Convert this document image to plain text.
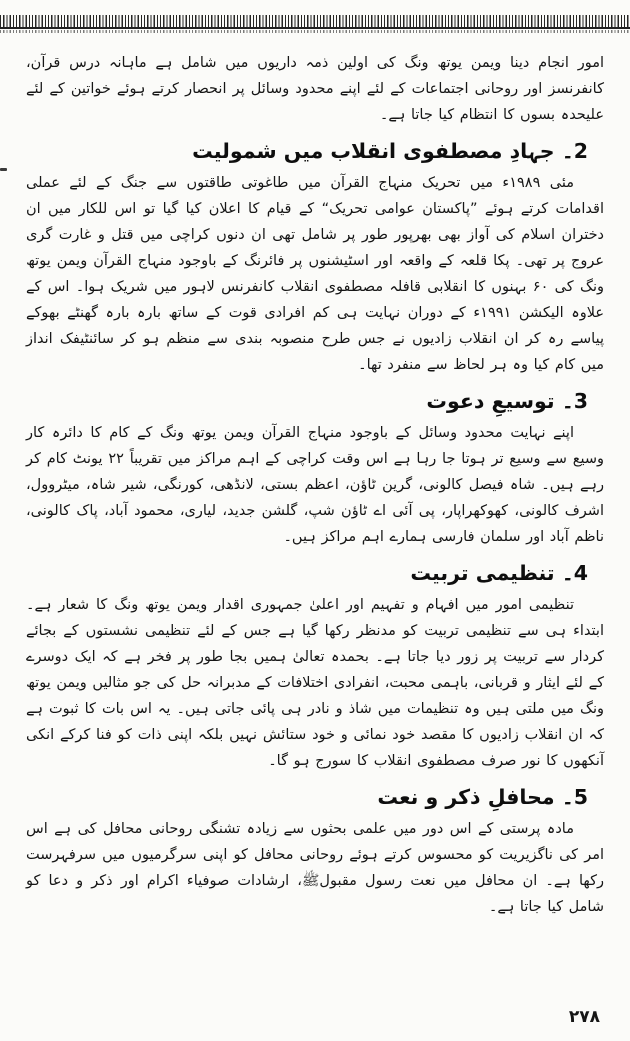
امور انجام دینا ویمن یوتھ ونگ کی اولین ذمہ داریوں میں شامل ہے ماہانہ درس قرآن، کانفرنسز اور روحانی اجتماعات کے لئے اپنے محدود وسائل پر انحصار کرتے ہوئے خواتین کے لئے علیحدہ بسوں کا انتظام کیا جاتا ہے۔

2۔ جہادِ مصطفوی انقلاب میں شمولیت

مئی ۱۹۸۹ء میں تحریک منہاج القرآن میں طاغوتی طاقتوں سے جنگ کے لئے عملی اقدامات کرتے ہوئے ”پاکستان عوامی تحریک“ کے قیام کا اعلان کیا گیا تو اس للکار میں ان دختران اسلام کی آواز بھی بھرپور طور پر شامل تھی ان دنوں کراچی میں قتل و غارت گری عروج پر تھی۔ پکا قلعہ کے واقعہ اور اسٹیشنوں پر فائرنگ کے باوجود منہاج القرآن ویمن یوتھ ونگ کی ۶۰ بہنوں کا انقلابی قافلہ مصطفوی انقلاب کانفرنس لاہور میں شریک ہوا۔ اس کے علاوہ الیکشن ۱۹۹۱ء کے دوران نہایت ہی کم افرادی قوت کے ساتھ بارہ بارہ گھنٹے بھوکے پیاسے رہ کر ان انقلاب زادیوں نے جس طرح منصوبہ بندی سے منظم ہو کر سائنٹیفک انداز میں کام کیا وہ ہر لحاظ سے منفرد تھا۔

3۔ توسیعِ دعوت

اپنے نہایت محدود وسائل کے باوجود منہاج القرآن ویمن یوتھ ونگ کے کام کا دائرہ کار وسیع سے وسیع تر ہوتا جا رہا ہے اس وقت کراچی کے اہم مراکز میں تقریباً ۲۲ یونٹ کام کر رہے ہیں۔ شاہ فیصل کالونی، گرین ٹاؤن، اعظم بستی، لانڈھی، کورنگی، شیر شاہ، میٹروول، اشرف کالونی، کھوکھراپار، پی آئی اے ٹاؤن شپ، گلشن جدید، لیاری، محمود آباد، پاک کالونی، ناظم آباد اور سلمان فارسی ہمارے اہم مراکز ہیں۔

4۔ تنظیمی تربیت

تنظیمی امور میں افہام و تفہیم اور اعلیٰ جمہوری اقدار ویمن یوتھ ونگ کا شعار ہے۔ ابتداء ہی سے تنظیمی تربیت کو مدنظر رکھا گیا ہے جس کے لئے تنظیمی نشستوں کے بجائے کردار سے تربیت پر زور دیا جاتا ہے۔ بحمدہ تعالیٰ ہمیں بجا طور پر فخر ہے کہ ایک دوسرے کے لئے ایثار و قربانی، باہمی محبت، انفرادی اختلافات کے مدبرانہ حل کی جو مثالیں ویمن یوتھ ونگ میں ملتی ہیں وہ تنظیمات میں شاذ و نادر ہی پائی جاتی ہیں۔ یہ اس بات کا ثبوت ہے کہ ان انقلاب زادیوں کا مقصد خود نمائی و خود ستائش نہیں بلکہ اپنی ذات کو فنا کرکے انکی آنکھوں کا نور صرف مصطفوی انقلاب کا سورج ہو گا۔

5۔ محافلِ ذکر و نعت

مادہ پرستی کے اس دور میں علمی بحثوں سے زیادہ تشنگی روحانی محافل کی ہے اس امر کی ناگزیریت کو محسوس کرتے ہوئے روحانی محافل کو اپنی سرگرمیوں میں سرفہرست رکھا ہے۔ ان محافل میں نعت رسول مقبولﷺ، ارشادات صوفیاء اکرام اور ذکر و دعا کو شامل کیا جاتا ہے۔

۲۷۸
